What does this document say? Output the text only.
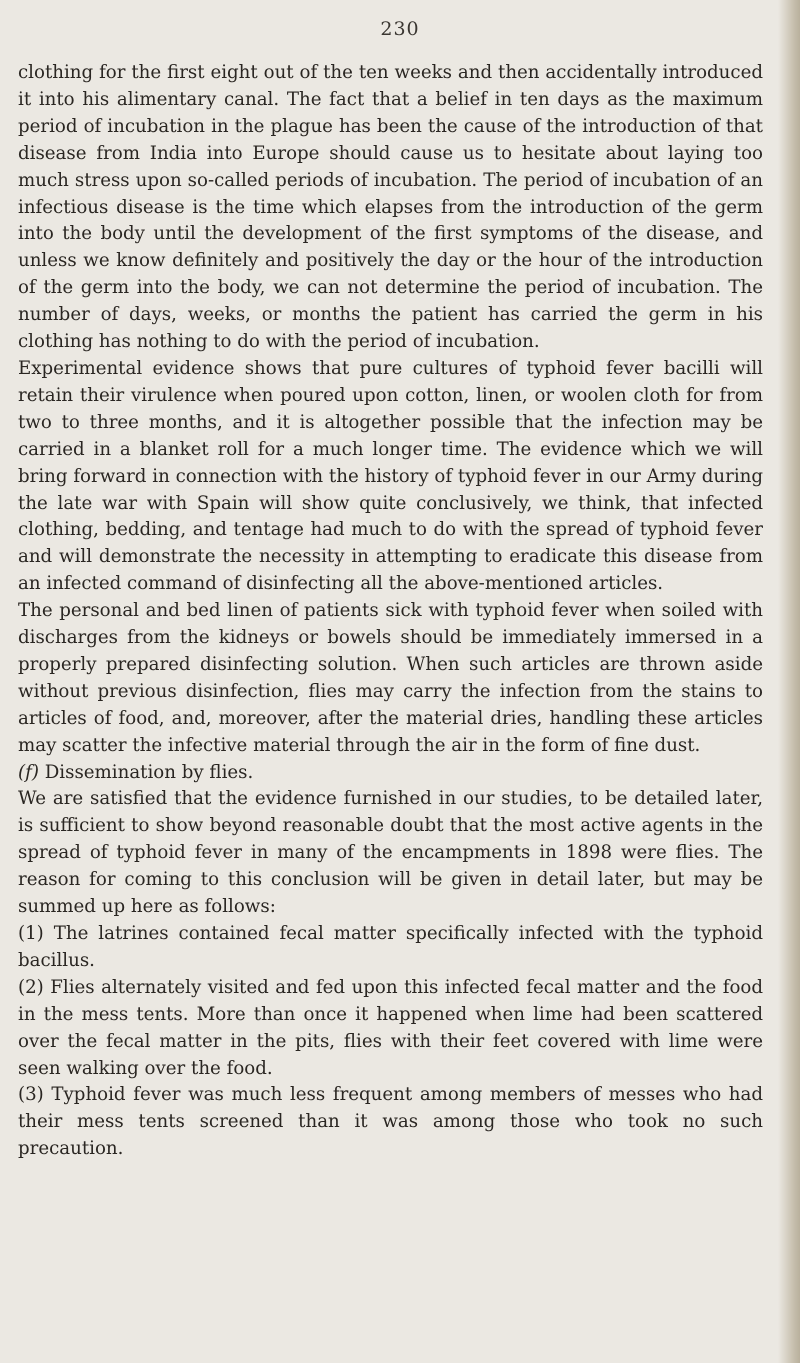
230

clothing for the first eight out of the ten weeks and then accidentally introduced it into his alimentary canal. The fact that a belief in ten days as the maximum period of incubation in the plague has been the cause of the introduction of that disease from India into Europe should cause us to hesitate about laying too much stress upon so-called periods of incubation. The period of incubation of an infectious disease is the time which elapses from the introduction of the germ into the body until the development of the first symptoms of the disease, and unless we know definitely and positively the day or the hour of the introduction of the germ into the body, we can not determine the period of incubation. The number of days, weeks, or months the patient has carried the germ in his clothing has nothing to do with the period of incubation.

Experimental evidence shows that pure cultures of typhoid fever bacilli will retain their virulence when poured upon cotton, linen, or woolen cloth for from two to three months, and it is altogether possible that the infection may be carried in a blanket roll for a much longer time. The evidence which we will bring forward in connection with the history of typhoid fever in our Army during the late war with Spain will show quite conclusively, we think, that infected clothing, bedding, and tentage had much to do with the spread of typhoid fever and will demonstrate the necessity in attempting to eradicate this disease from an infected command of disinfecting all the above-mentioned articles.

The personal and bed linen of patients sick with typhoid fever when soiled with discharges from the kidneys or bowels should be immediately immersed in a properly prepared disinfecting solution. When such articles are thrown aside without previous disinfection, flies may carry the infection from the stains to articles of food, and, moreover, after the material dries, handling these articles may scatter the infective material through the air in the form of fine dust.

(f) Dissemination by flies.

We are satisfied that the evidence furnished in our studies, to be detailed later, is sufficient to show beyond reasonable doubt that the most active agents in the spread of typhoid fever in many of the encampments in 1898 were flies. The reason for coming to this conclusion will be given in detail later, but may be summed up here as follows:

(1) The latrines contained fecal matter specifically infected with the typhoid bacillus.

(2) Flies alternately visited and fed upon this infected fecal matter and the food in the mess tents. More than once it happened when lime had been scattered over the fecal matter in the pits, flies with their feet covered with lime were seen walking over the food.

(3) Typhoid fever was much less frequent among members of messes who had their mess tents screened than it was among those who took no such precaution.
